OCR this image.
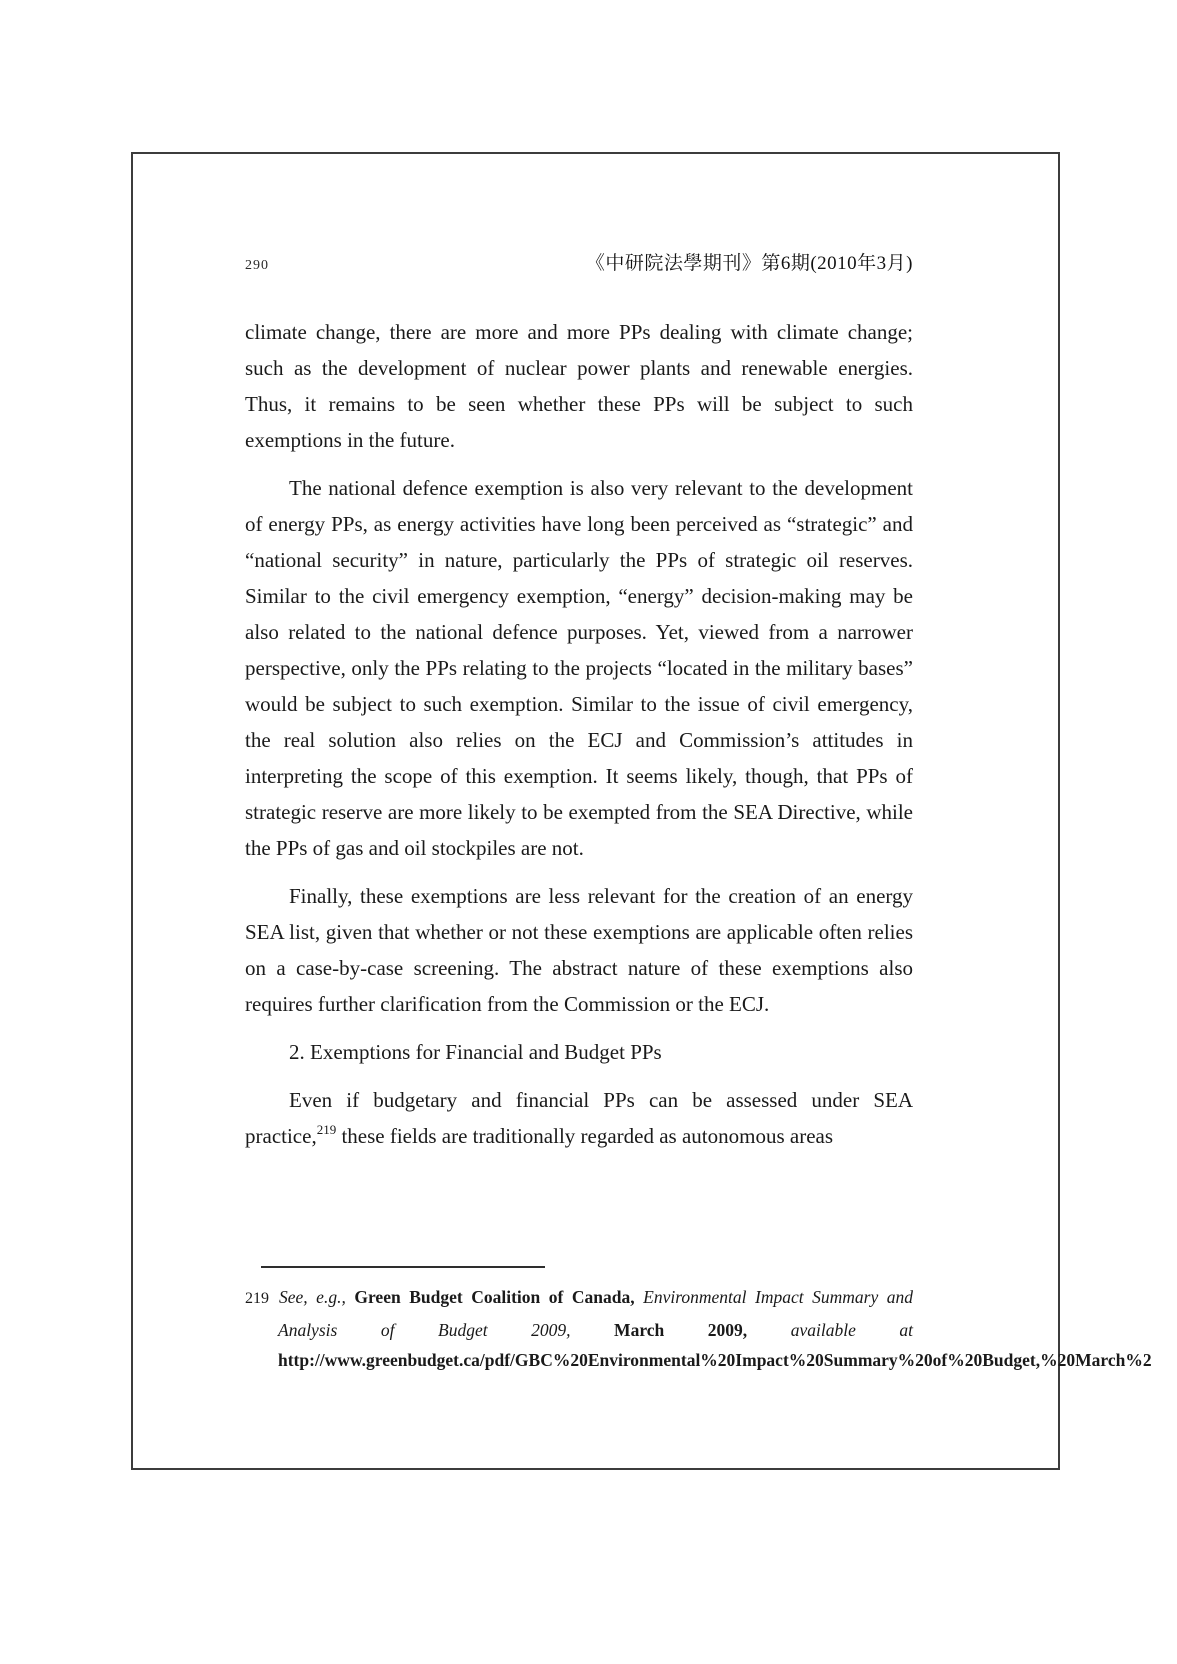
290	《中研院法學期刊》第6期(2010年3月)

climate change, there are more and more PPs dealing with climate change; such as the development of nuclear power plants and renewable energies. Thus, it remains to be seen whether these PPs will be subject to such exemptions in the future.

The national defence exemption is also very relevant to the development of energy PPs, as energy activities have long been perceived as “strategic” and “national security” in nature, particularly the PPs of strategic oil reserves. Similar to the civil emergency exemption, “energy” decision-making may be also related to the national defence purposes. Yet, viewed from a narrower perspective, only the PPs relating to the projects “located in the military bases” would be subject to such exemption. Similar to the issue of civil emergency, the real solution also relies on the ECJ and Commission’s attitudes in interpreting the scope of this exemption. It seems likely, though, that PPs of strategic reserve are more likely to be exempted from the SEA Directive, while the PPs of gas and oil stockpiles are not.

Finally, these exemptions are less relevant for the creation of an energy SEA list, given that whether or not these exemptions are applicable often relies on a case-by-case screening. The abstract nature of these exemptions also requires further clarification from the Commission or the ECJ.

2. Exemptions for Financial and Budget PPs

Even if budgetary and financial PPs can be assessed under SEA practice,$^{219}$ these fields are traditionally regarded as autonomous areas

219 See, e.g., Green Budget Coalition of Canada, Environmental Impact Summary and Analysis of Budget 2009, March 2009, available at http://www.greenbudget.ca/pdf/GBC%20Environmental%20Impact%20Summary%20of%20Budget,%20March%2
